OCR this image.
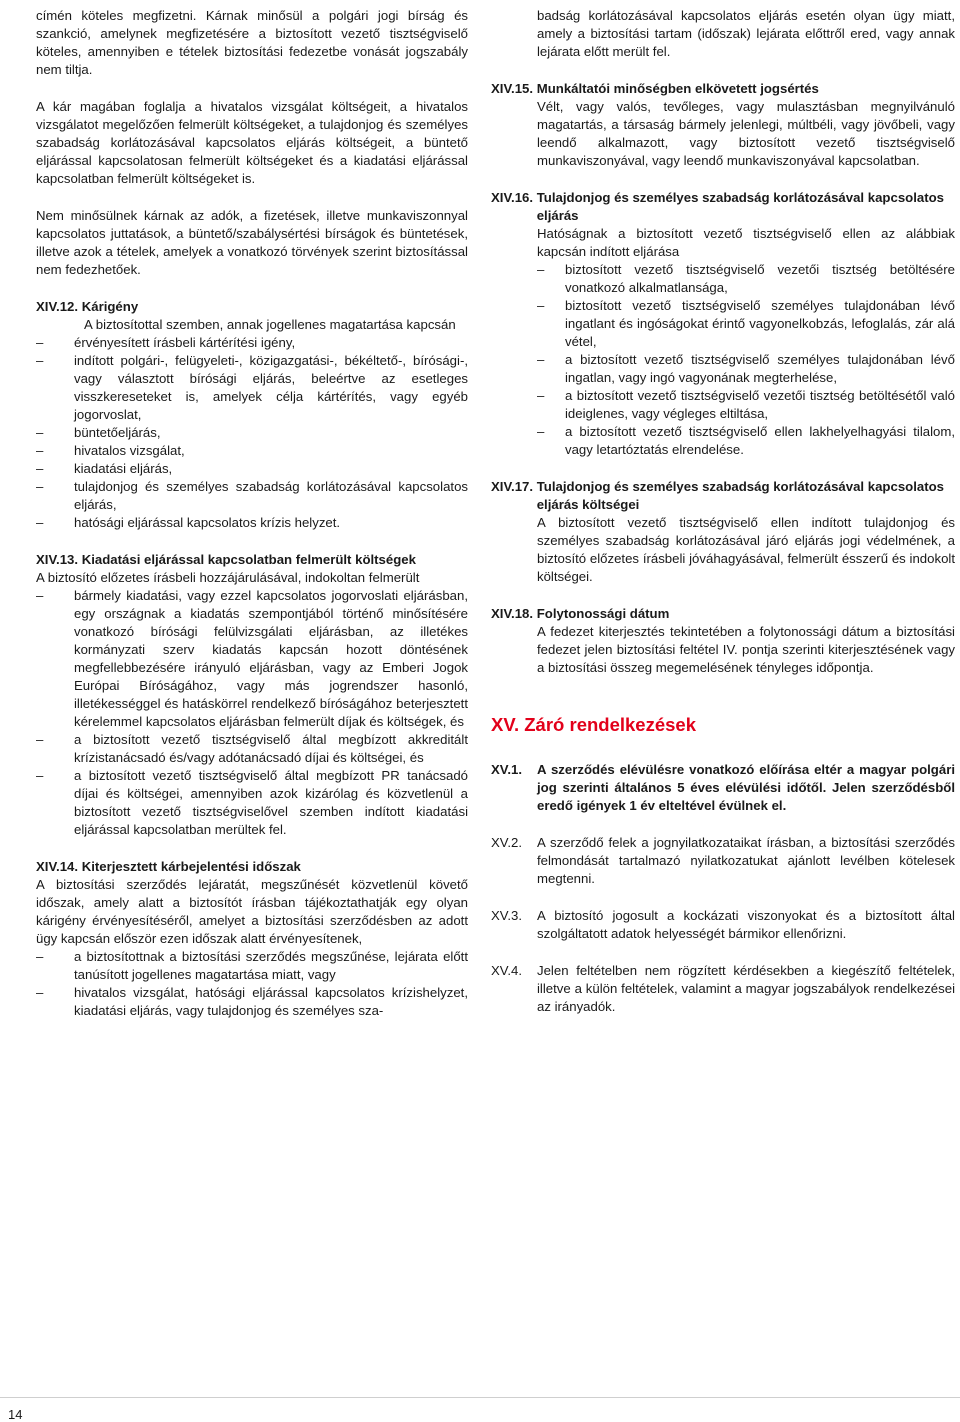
címén köteles megfizetni. Kárnak minősül a polgári jogi bírság és szankció, amelynek megfizetésére a biztosított vezető tisztségviselő köteles, amennyiben e tételek biztosítási fedezetbe vonását jogszabály nem tiltja.

A kár magában foglalja a hivatalos vizsgálat költségeit, a hivatalos vizsgálatot megelőzően felmerült költségeket, a tulajdonjog és személyes szabadság korlátozásával kapcsolatos eljárás költségeit, a büntető eljárással kapcsolatosan felmerült költségeket és a kiadatási eljárással kapcsolatban felmerült költségeket is.

Nem minősülnek kárnak az adók, a fizetések, illetve munkaviszonnyal kapcsolatos juttatások, a büntető/szabálysértési bírságok és büntetések, illetve azok a tételek, amelyek a vonatkozó törvények szerint biztosítással nem fedezhetőek.

XIV.12.
Kárigény

A biztosítottal szemben, annak jogellenes magatartása kapcsán

– érvényesített írásbeli kártérítési igény,
– indított polgári-, felügyeleti-, közigazgatási-, békéltető-, bírósági-, vagy választott bírósági eljárás, beleértve az esetleges visszkereseteket is, amelyek célja kártérítés, vagy egyéb jogorvoslat,
– büntetőeljárás,
– hivatalos vizsgálat,
– kiadatási eljárás,
– tulajdonjog és személyes szabadság korlátozásával kapcsolatos eljárás,
– hatósági eljárással kapcsolatos krízis helyzet.
XIV.13.
Kiadatási eljárással kapcsolatban felmerült költségek

A biztosító előzetes írásbeli hozzájárulásával, indokoltan felmerült

– bármely kiadatási, vagy ezzel kapcsolatos jogorvoslati eljárásban, egy országnak a kiadatás szempontjából történő minősítésére vonatkozó bírósági felülvizsgálati eljárásban, az illetékes kormányzati szerv kiadatás kapcsán hozott döntésének megfellebbezésére irányuló eljárásban, vagy az Emberi Jogok Európai Bíróságához, vagy más jogrendszer hasonló, illetékességgel és hatáskörrel rendelkező bíróságához beterjesztett kérelemmel kapcsolatos eljárásban felmerült díjak és költségek, és
– a biztosított vezető tisztségviselő által megbízott akkreditált krízistanácsadó és/vagy adótanácsadó díjai és költségei, és
– a biztosított vezető tisztségviselő által megbízott PR tanácsadó díjai és költségei, amennyiben azok kizárólag és közvetlenül a biztosított vezető tisztségviselővel szemben indított kiadatási eljárással kapcsolatban merültek fel.
XIV.14.
Kiterjesztett kárbejelentési időszak

A biztosítási szerződés lejáratát, megszűnését közvetlenül követő időszak, amely alatt a biztosítót írásban tájékoztathatják egy olyan kárigény érvényesítéséről, amelyet a biztosítási szerződésben az adott ügy kapcsán először ezen időszak alatt érvényesítenek,

– a biztosítottnak a biztosítási szerződés megszűnése, lejárata előtt tanúsított jogellenes magatartása miatt, vagy
– hivatalos vizsgálat, hatósági eljárással kapcsolatos krízishelyzet, kiadatási eljárás, vagy tulajdonjog és személyes sza-

badság korlátozásával kapcsolatos eljárás esetén olyan ügy miatt, amely a biztosítási tartam (időszak) lejárata előttről ered, vagy annak lejárata előtt merült fel.

XIV.15.
Munkáltatói minőségben elkövetett jogsértés

Vélt, vagy valós, tevőleges, vagy mulasztásban megnyilvánuló magatartás, a társaság bármely jelenlegi, múltbéli, vagy jövőbeli, vagy leendő alkalmazott, vagy biztosított vezető tisztségviselő munkaviszonyával, vagy leendő munkaviszonyával kapcsolatban.

XIV.16.
Tulajdonjog és személyes szabadság korlátozásával kapcsolatos eljárás

Hatóságnak a biztosított vezető tisztségviselő ellen az alábbiak kapcsán indított eljárása

– biztosított vezető tisztségviselő vezetői tisztség betöltésére vonatkozó alkalmatlansága,
– biztosított vezető tisztségviselő személyes tulajdonában lévő ingatlant és ingóságokat érintő vagyonelkobzás, lefoglalás, zár alá vétel,
– a biztosított vezető tisztségviselő személyes tulajdonában lévő ingatlan, vagy ingó vagyonának megterhelése,
– a biztosított vezető tisztségviselő vezetői tisztség betöltésétől való ideiglenes, vagy végleges eltiltása,
– a biztosított vezető tisztségviselő ellen lakhelyelhagyási tilalom, vagy letartóztatás elrendelése.
XIV.17.
Tulajdonjog és személyes szabadság korlátozásával kapcsolatos eljárás költségei

A biztosított vezető tisztségviselő ellen indított tulajdonjog és személyes szabadság korlátozásával járó eljárás jogi védelmének, a biztosító előzetes írásbeli jóváhagyásával, felmerült ésszerű és indokolt költségei.

XIV.18.
Folytonossági dátum

A fedezet kiterjesztés tekintetében a folytonossági dátum a biztosítási fedezet jelen biztosítási feltétel IV. pontja szerinti kiterjesztésének vagy a biztosítási összeg megemelésének tényleges időpontja.

XV. Záró rendelkezések
XV.1.	A szerződés elévülésre vonatkozó előírása eltér a magyar polgári jog szerinti általános 5 éves elévülési időtől. Jelen szerződésből eredő igények 1 év elteltével évülnek el.
XV.2.	A szerződő felek a jognyilatkozataikat írásban, a biztosítási szerződés felmondását tartalmazó nyilatkozatukat ajánlott levélben kötelesek megtenni.
XV.3.	A biztosító jogosult a kockázati viszonyokat és a biztosított által szolgáltatott adatok helyességét bármikor ellenőrizni.
XV.4.	Jelen feltételben nem rögzített kérdésekben a kiegészítő feltételek, illetve a külön feltételek, valamint a magyar jogszabályok rendelkezései az irányadók.
14
